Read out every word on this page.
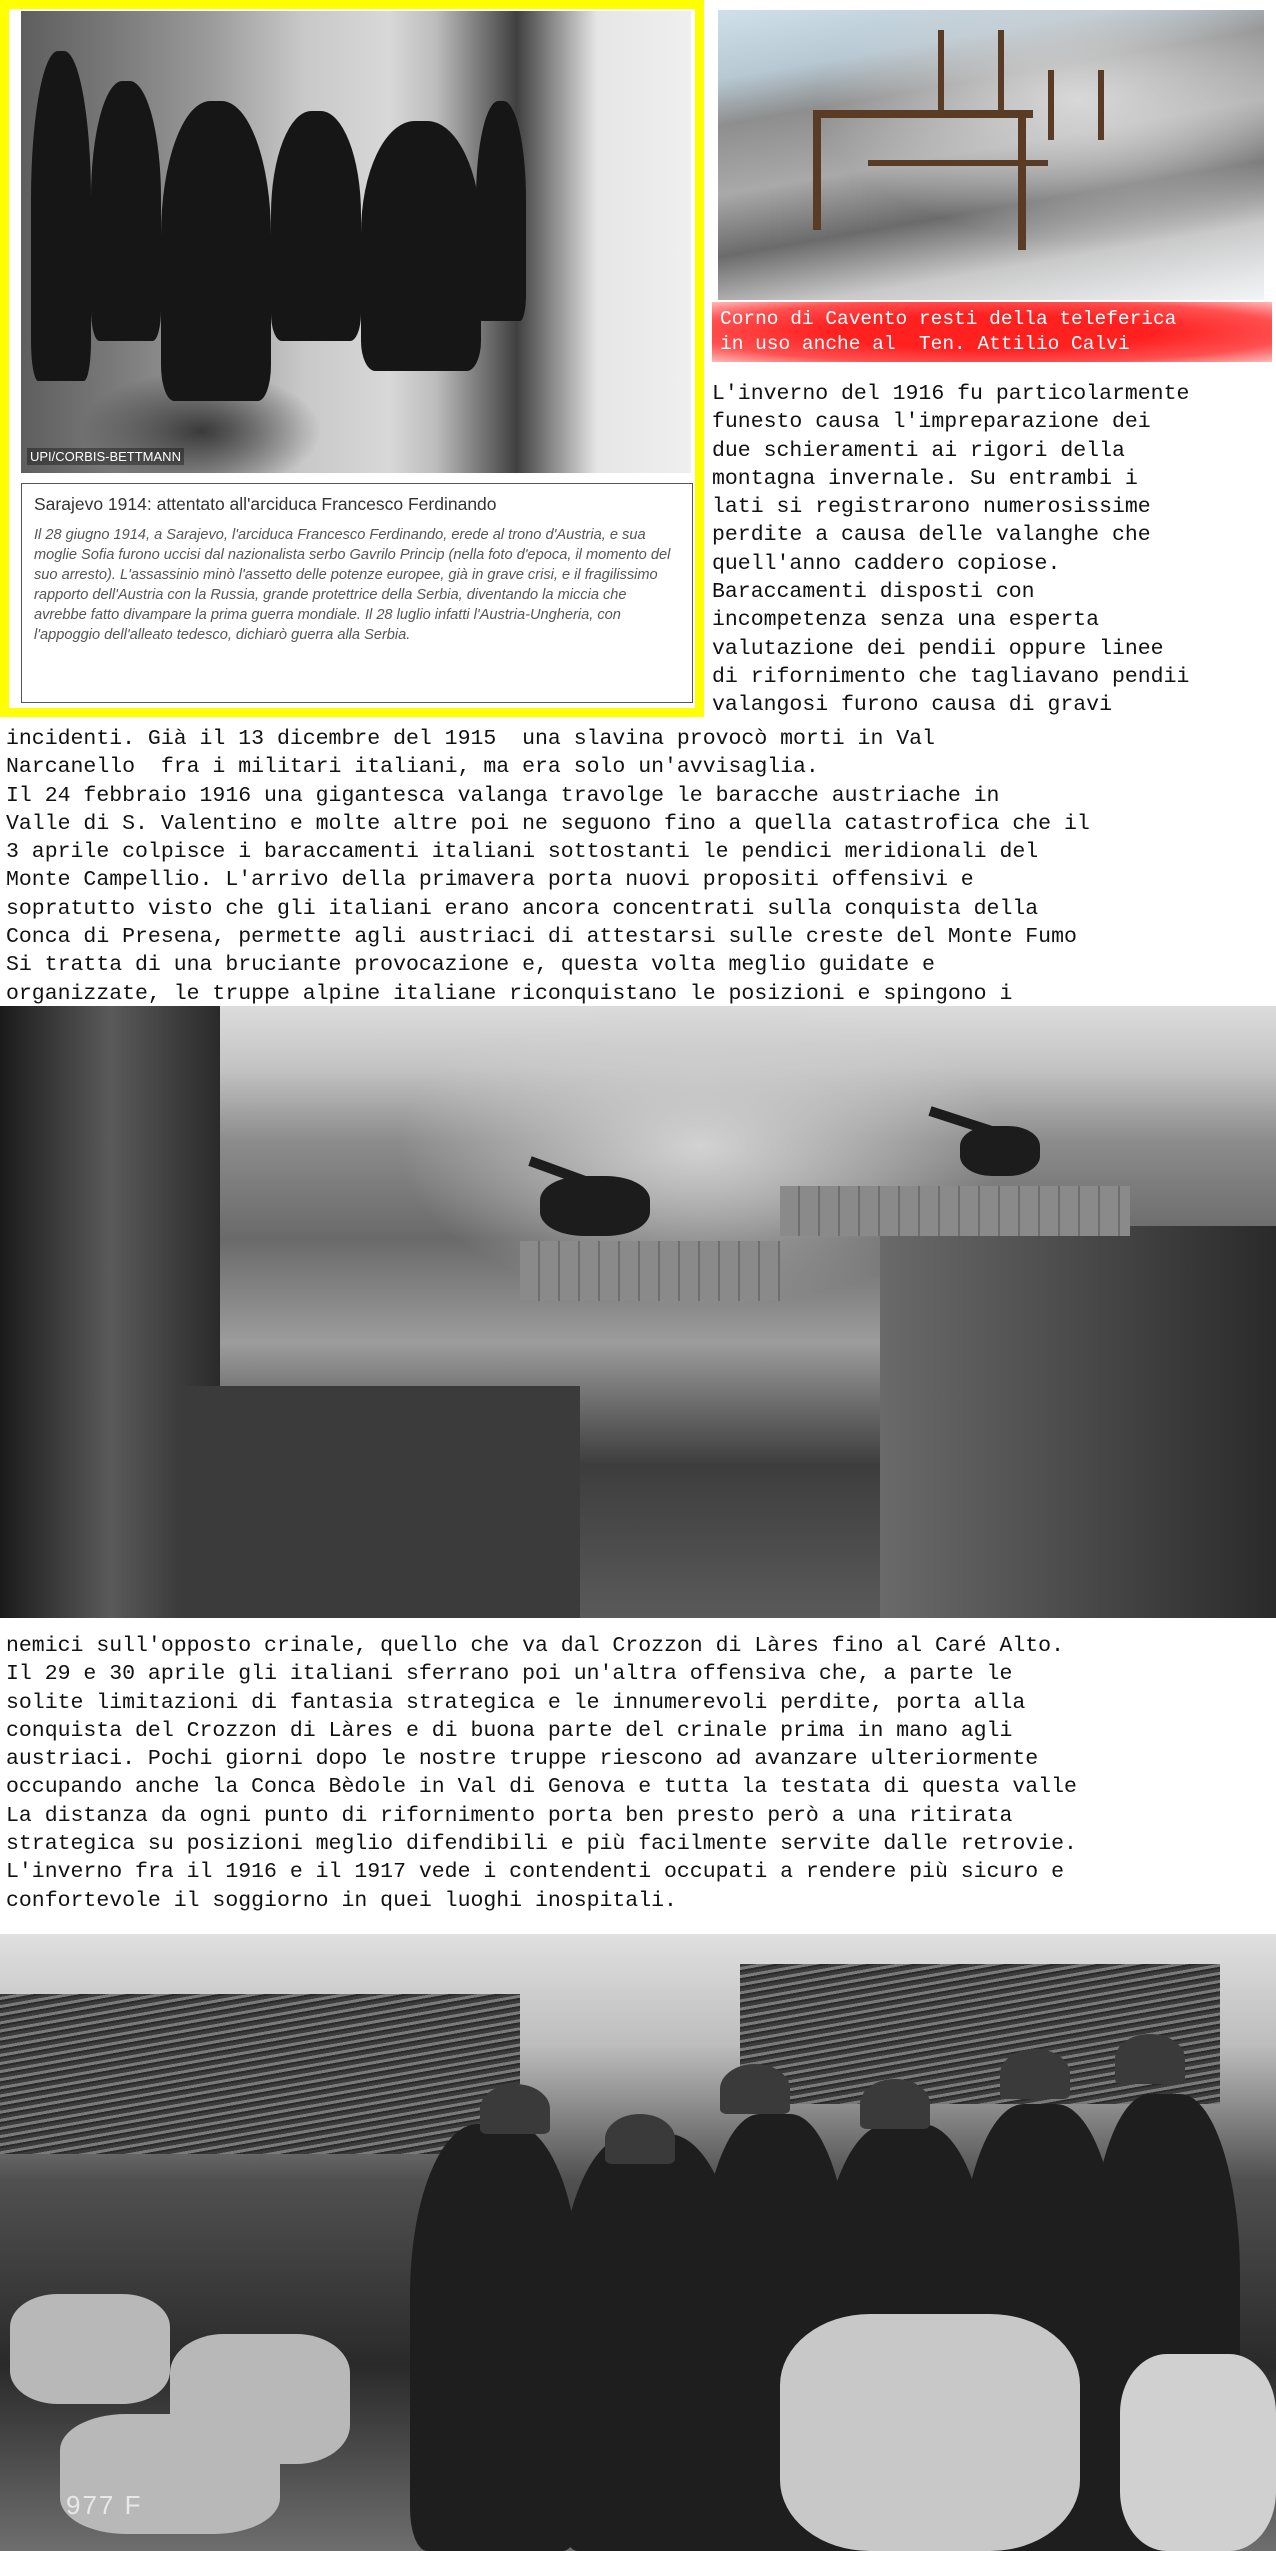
UPI/CORBIS-BETTMANN

Sarajevo 1914: attentato all'arciduca Francesco Ferdinando

Il 28 giugno 1914, a Sarajevo, l'arciduca Francesco Ferdinando, erede al trono d'Austria, e sua moglie Sofia furono uccisi dal nazionalista serbo Gavrilo Princip (nella foto d'epoca, il momento del suo arresto). L'assassinio minò l'assetto delle potenze europee, già in grave crisi, e il fragilissimo rapporto dell'Austria con la Russia, grande protettrice della Serbia, diventando la miccia che avrebbe fatto divampare la prima guerra mondiale. Il 28 luglio infatti l'Austria-Ungheria, con l'appoggio dell'alleato tedesco, dichiarò guerra alla Serbia.

Corno di Cavento resti della teleferica
in uso anche al  Ten. Attilio Calvi

L'inverno del 1916 fu particolarmente
funesto causa l'impreparazione dei
due schieramenti ai rigori della
montagna invernale. Su entrambi i
lati si registrarono numerosissime
perdite a causa delle valanghe che
quell'anno caddero copiose.
Baraccamenti disposti con
incompetenza senza una esperta
valutazione dei pendii oppure linee
di rifornimento che tagliavano pendii
valangosi furono causa di gravi

incidenti. Già il 13 dicembre del 1915  una slavina provocò morti in Val
Narcanello  fra i militari italiani, ma era solo un'avvisaglia.
Il 24 febbraio 1916 una gigantesca valanga travolge le baracche austriache in
Valle di S. Valentino e molte altre poi ne seguono fino a quella catastrofica che il
3 aprile colpisce i baraccamenti italiani sottostanti le pendici meridionali del
Monte Campellio. L'arrivo della primavera porta nuovi propositi offensivi e
sopratutto visto che gli italiani erano ancora concentrati sulla conquista della
Conca di Presena, permette agli austriaci di attestarsi sulle creste del Monte Fumo
Si tratta di una bruciante provocazione e, questa volta meglio guidate e
organizzate, le truppe alpine italiane riconquistano le posizioni e spingono i

nemici sull'opposto crinale, quello che va dal Crozzon di Làres fino al Caré Alto.
Il 29 e 30 aprile gli italiani sferrano poi un'altra offensiva che, a parte le
solite limitazioni di fantasia strategica e le innumerevoli perdite, porta alla
conquista del Crozzon di Làres e di buona parte del crinale prima in mano agli
austriaci. Pochi giorni dopo le nostre truppe riescono ad avanzare ulteriormente
occupando anche la Conca Bèdole in Val di Genova e tutta la testata di questa valle
La distanza da ogni punto di rifornimento porta ben presto però a una ritirata
strategica su posizioni meglio difendibili e più facilmente servite dalle retrovie.
L'inverno fra il 1916 e il 1917 vede i contendenti occupati a rendere più sicuro e
confortevole il soggiorno in quei luoghi inospitali.

977 F
